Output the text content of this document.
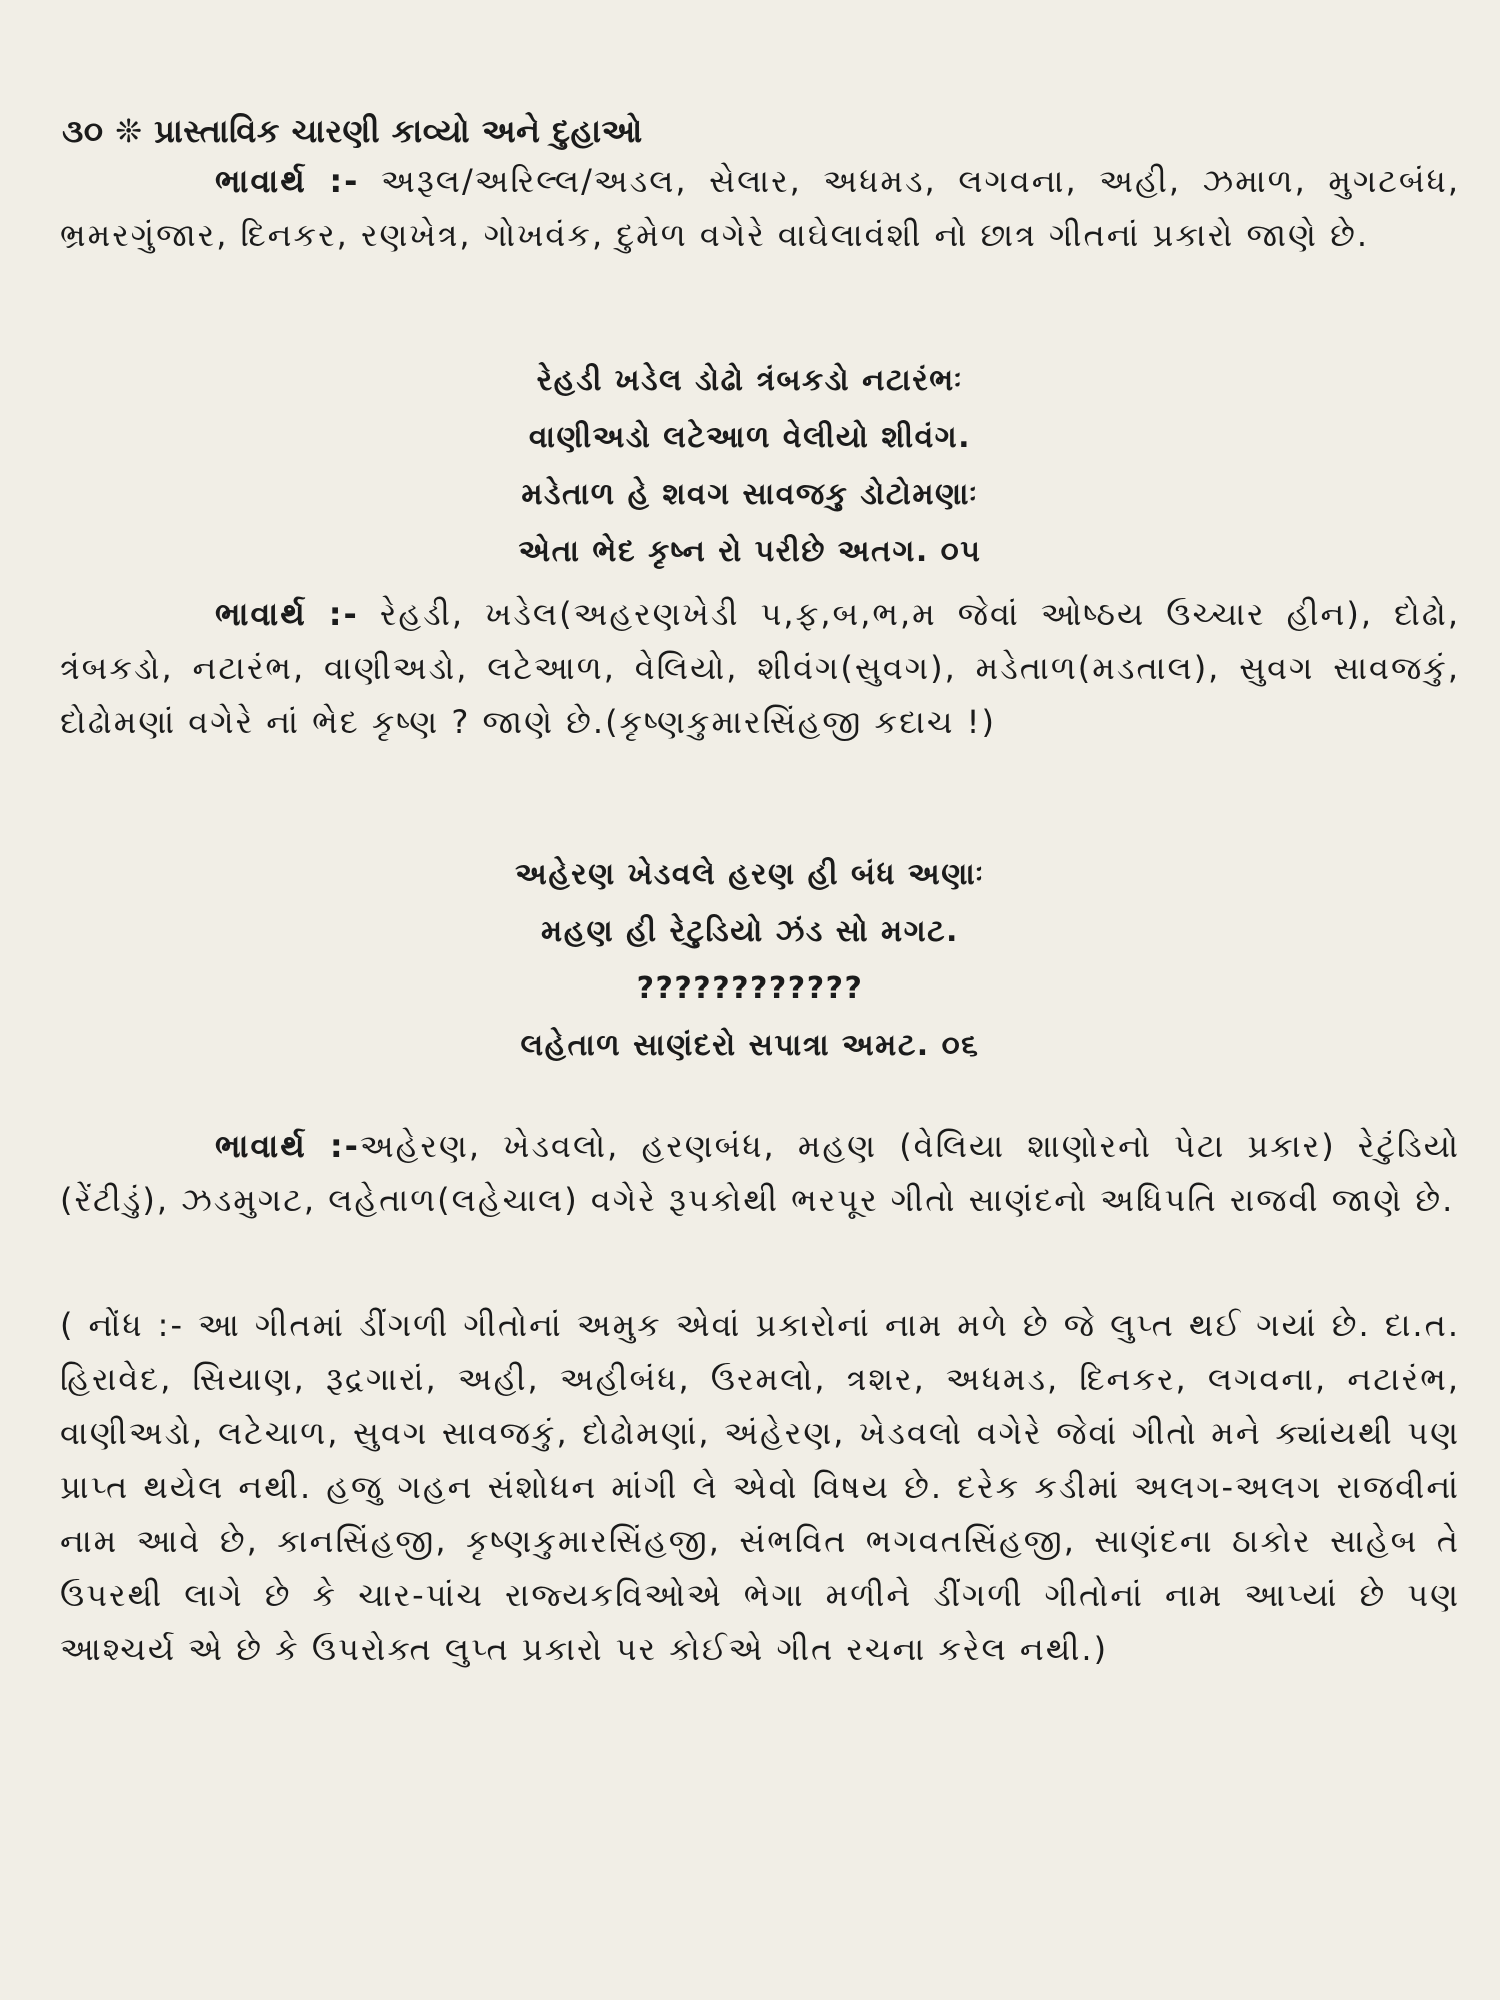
૩૦ ❊ પ્રાસ્તાવિક ચારણી કાવ્યો અને દુહાઓ
ભાવાર્થ :- અરૂલ/અરિલ્લ/અડલ, સેલાર, અધમડ, લગવના, અહી, ઝમાળ, મુગટબંધ, ભ્રમરગુંજાર, દિનકર, રણખેત્ર, ગોખવંક, દુમેળ વગેરે વાઘેલાવંશી નો છાત્ર ગીતનાં પ્રકારો જાણે છે.
રેહડી ખડેલ ડોઢો ત્રંબકડો નટારંભઃ
વાણીઅડો લટેઆળ વેલીયો શીવંગ.
મડેતાળ હે શવગ સાવજકુ ડોટોમણાઃ
એતા ભેદ કૃષ્ન રો પરીછે અતગ. ૦૫
ભાવાર્થ :- રેહડી, ખડેલ(અહરણખેડી પ,ફ,બ,ભ,મ જેવાં ઓષ્ઠય ઉચ્ચાર હીન), દોઢો, ત્રંબકડો, નટારંભ, વાણીઅડો, લટેઆળ, વેલિયો, શીવંગ(સુવગ), મડેતાળ(મડતાલ), સુવગ સાવજકું, દોઢોમણાં વગેરે નાં ભેદ કૃષ્ણ ? જાણે છે.(કૃષ્ણકુમારસિંહજી કદાચ !)
અહેરણ ખેડવલે હરણ હી બંધ અણાઃ
મહણ હી રેટુડિયો ઝંડ સો મગટ.
????????????
લહેતાળ સાણંદરો સપાત્રા અમટ. ૦૬
ભાવાર્થ :-અહેરણ, ખેડવલો, હરણબંધ, મહણ (વેલિયા શાણોરનો પેટા પ્રકાર) રેટુંડિયો (રેંટીડું), ઝડમુગટ, લહેતાળ(લહેચાલ) વગેરે રૂપકોથી ભરપૂર ગીતો સાણંદનો અધિપતિ રાજવી જાણે છે.
( નોંધ :- આ ગીતમાં ડીંગળી ગીતોનાં અમુક એવાં પ્રકારોનાં નામ મળે છે જે લુપ્ત થઈ ગયાં છે. દા.ત. હિરાવેદ, સિયાણ, રૂદ્રગારાં, અહી, અહીબંધ, ઉરમલો, ત્રશર, અધમડ, દિનકર, લગવના, નટારંભ, વાણીઅડો, લટેચાળ, સુવગ સાવજકું, દોઢોમણાં, અંહેરણ, ખેડવલો વગેરે જેવાં ગીતો મને ક્યાંયથી પણ પ્રાપ્ત થયેલ નથી. હજુ ગહન સંશોધન માંગી લે એવો વિષય છે. દરેક કડીમાં અલગ-અલગ રાજવીનાં નામ આવે છે, કાનસિંહજી, કૃષ્ણકુમારસિંહજી, સંભવિત ભગવતસિંહજી, સાણંદના ઠાકોર સાહેબ તે ઉપરથી લાગે છે કે ચાર-પાંચ રાજ્યકવિઓએ ભેગા મળીને ડીંગળી ગીતોનાં નામ આપ્યાં છે પણ આશ્ચર્ય એ છે કે ઉપરોક્ત લુપ્ત પ્રકારો પર કોઈએ ગીત રચના કરેલ નથી.)
